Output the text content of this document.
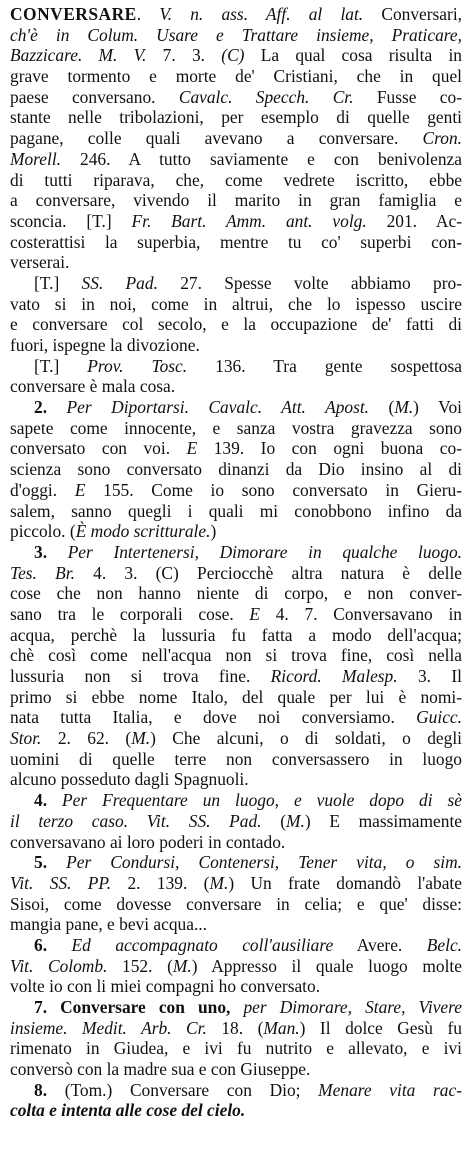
CONVERSARE. V. n. ass. Aff. al lat. Conversari,
ch'è in Colum. Usare e Trattare insieme, Praticare,
Bazzicare. M. V. 7. 3. (C) La qual cosa risulta in
grave tormento e morte de' Cristiani, che in quel
paese conversano. Cavalc. Specch. Cr. Fusse co-
stante nelle tribolazioni, per esemplo di quelle genti
pagane, colle quali avevano a conversare. Cron.
Morell. 246. A tutto saviamente e con benivolenza
di tutti riparava, che, come vedrete iscritto, ebbe
a conversare, vivendo il marito in gran famiglia e
sconcia. [T.] Fr. Bart. Amm. ant. volg. 201. Ac-
costerattisi la superbia, mentre tu co' superbi con-
verserai.
[T.] SS. Pad. 27. Spesse volte abbiamo pro-
vato si in noi, come in altrui, che lo ispesso uscire
e conversare col secolo, e la occupazione de' fatti di
fuori, ispegne la divozione.
[T.] Prov. Tosc. 136. Tra gente sospettosa
conversare è mala cosa.
2. Per Diportarsi. Cavalc. Att. Apost. (M.) Voi
sapete come innocente, e sanza vostra gravezza sono
conversato con voi. E 139. Io con ogni buona co-
scienza sono conversato dinanzi da Dio insino al di
d'oggi. E 155. Come io sono conversato in Gieru-
salem, sanno quegli i quali mi conobbono infino da
piccolo. (È modo scritturale.)
3. Per Intertenersi, Dimorare in qualche luogo.
Tes. Br. 4. 3. (C) Perciocchè altra natura è delle
cose che non hanno niente di corpo, e non conver-
sano tra le corporali cose. E 4. 7. Conversavano in
acqua, perchè la lussuria fu fatta a modo dell'acqua;
chè così come nell'acqua non si trova fine, così nella
lussuria non si trova fine. Ricord. Malesp. 3. Il
primo si ebbe nome Italo, del quale per lui è nomi-
nata tutta Italia, e dove noi conversiamo. Guicc.
Stor. 2. 62. (M.) Che alcuni, o di soldati, o degli
uomini di quelle terre non conversassero in luogo
alcuno posseduto dagli Spagnuoli.
4. Per Frequentare un luogo, e vuole dopo di sè
il terzo caso. Vit. SS. Pad. (M.) E massimamente
conversavano ai loro poderi in contado.
5. Per Condursi, Contenersi, Tener vita, o sim.
Vit. SS. PP. 2. 139. (M.) Un frate domandò l'abate
Sisoi, come dovesse conversare in celia; e que' disse:
mangia pane, e bevi acqua...
6. Ed accompagnato coll'ausiliare Avere. Belc.
Vit. Colomb. 152. (M.) Appresso il quale luogo molte
volte io con li miei compagni ho conversato.
7. Conversare con uno, per Dimorare, Stare, Vivere
insieme. Medit. Arb. Cr. 18. (Man.) Il dolce Gesù fu
rimenato in Giudea, e ivi fu nutrito e allevato, e ivi
conversò con la madre sua e con Giuseppe.
8. (Tom.) Conversare con Dio; Menare vita rac-
colta e intenta alle cose del cielo.
